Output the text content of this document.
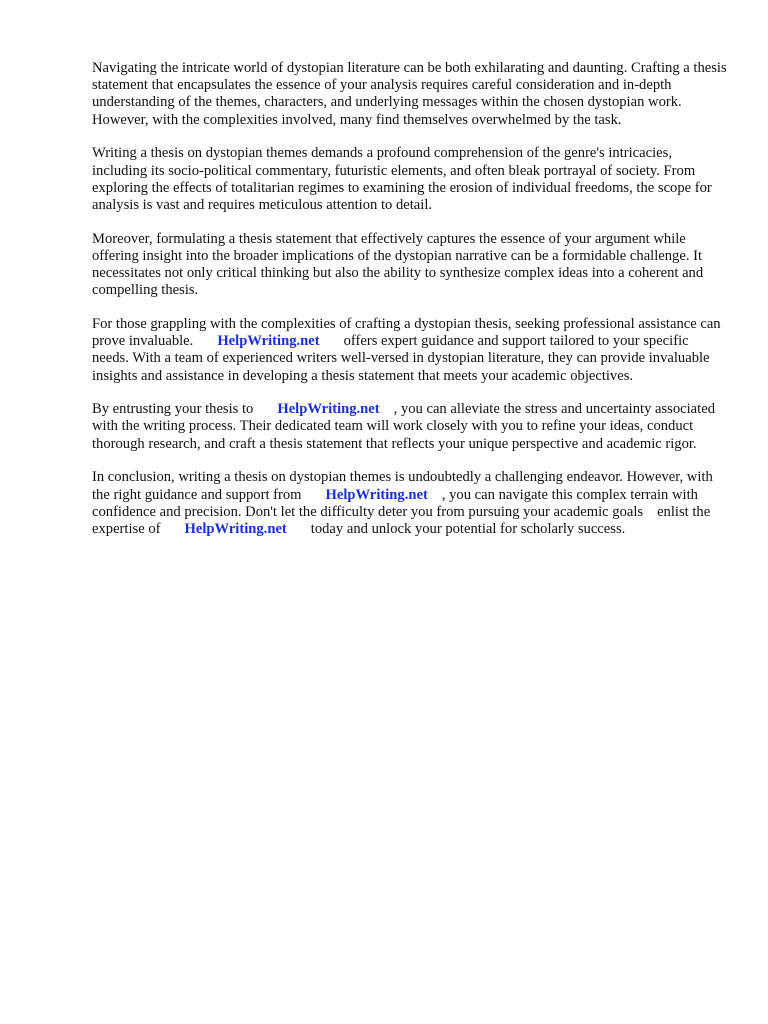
Navigating the intricate world of dystopian literature can be both exhilarating and daunting. Crafting a thesis statement that encapsulates the essence of your analysis requires careful consideration and in-depth understanding of the themes, characters, and underlying messages within the chosen dystopian work. However, with the complexities involved, many find themselves overwhelmed by the task.

Writing a thesis on dystopian themes demands a profound comprehension of the genre's intricacies, including its socio-political commentary, futuristic elements, and often bleak portrayal of society. From exploring the effects of totalitarian regimes to examining the erosion of individual freedoms, the scope for analysis is vast and requires meticulous attention to detail.

Moreover, formulating a thesis statement that effectively captures the essence of your argument while offering insight into the broader implications of the dystopian narrative can be a formidable challenge. It necessitates not only critical thinking but also the ability to synthesize complex ideas into a coherent and compelling thesis.

For those grappling with the complexities of crafting a dystopian thesis, seeking professional assistance can prove invaluable. HelpWriting.net offers expert guidance and support tailored to your specific needs. With a team of experienced writers well-versed in dystopian literature, they can provide invaluable insights and assistance in developing a thesis statement that meets your academic objectives.

By entrusting your thesis to HelpWriting.net , you can alleviate the stress and uncertainty associated with the writing process. Their dedicated team will work closely with you to refine your ideas, conduct thorough research, and craft a thesis statement that reflects your unique perspective and academic rigor.

In conclusion, writing a thesis on dystopian themes is undoubtedly a challenging endeavor. However, with the right guidance and support from HelpWriting.net , you can navigate this complex terrain with confidence and precision. Don't let the difficulty deter you from pursuing your academic goals enlist the expertise of HelpWriting.net today and unlock your potential for scholarly success.
